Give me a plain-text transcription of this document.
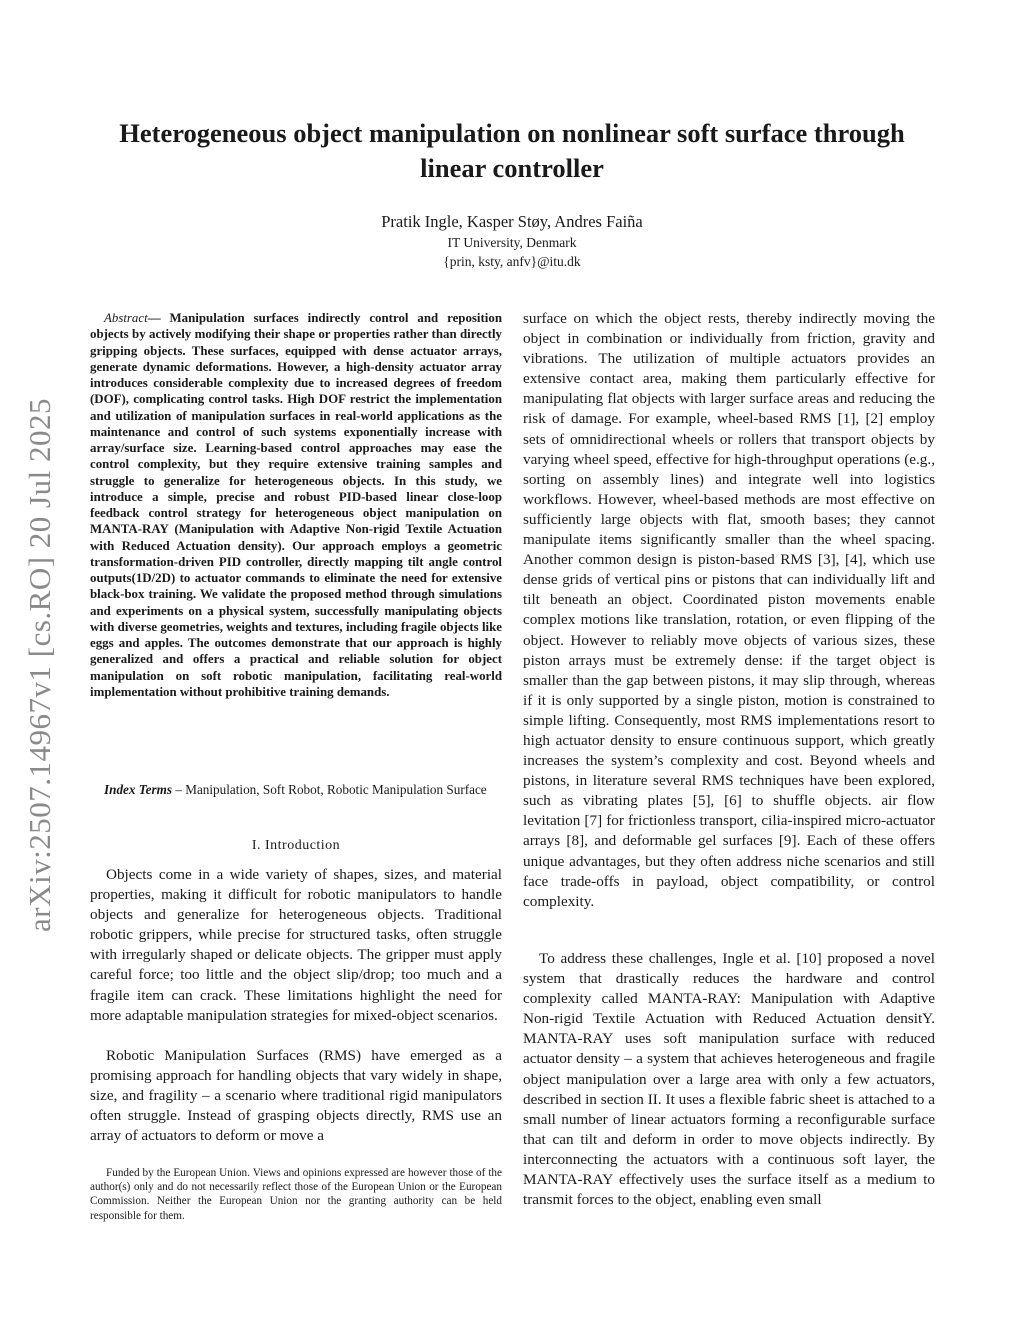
arXiv:2507.14967v1 [cs.RO] 20 Jul 2025
Heterogeneous object manipulation on nonlinear soft surface through linear controller
Pratik Ingle, Kasper Støy, Andres Faiña
IT University, Denmark
{prin, ksty, anfv}@itu.dk

Abstract— Manipulation surfaces indirectly control and reposition objects by actively modifying their shape or properties rather than directly gripping objects. These surfaces, equipped with dense actuator arrays, generate dynamic deformations. However, a high-density actuator array introduces considerable complexity due to increased degrees of freedom (DOF), complicating control tasks. High DOF restrict the implementation and utilization of manipulation surfaces in real-world applications as the maintenance and control of such systems exponentially increase with array/surface size. Learning-based control approaches may ease the control complexity, but they require extensive training samples and struggle to generalize for heterogeneous objects. In this study, we introduce a simple, precise and robust PID-based linear close-loop feedback control strategy for heterogeneous object manipulation on MANTA-RAY (Manipulation with Adaptive Non-rigid Textile Actuation with Reduced Actuation density). Our approach employs a geometric transformation-driven PID controller, directly mapping tilt angle control outputs(1D/2D) to actuator commands to eliminate the need for extensive black-box training. We validate the proposed method through simulations and experiments on a physical system, successfully manipulating objects with diverse geometries, weights and textures, including fragile objects like eggs and apples. The outcomes demonstrate that our approach is highly generalized and offers a practical and reliable solution for object manipulation on soft robotic manipulation, facilitating real-world implementation without prohibitive training demands.

Index Terms – Manipulation, Soft Robot, Robotic Manipulation Surface

I. Introduction

Objects come in a wide variety of shapes, sizes, and material properties, making it difficult for robotic manipulators to handle objects and generalize for heterogeneous objects. Traditional robotic grippers, while precise for structured tasks, often struggle with irregularly shaped or delicate objects. The gripper must apply careful force; too little and the object slip/drop; too much and a fragile item can crack. These limitations highlight the need for more adaptable manipulation strategies for mixed-object scenarios.

Robotic Manipulation Surfaces (RMS) have emerged as a promising approach for handling objects that vary widely in shape, size, and fragility – a scenario where traditional rigid manipulators often struggle. Instead of grasping objects directly, RMS use an array of actuators to deform or move a

Funded by the European Union. Views and opinions expressed are however those of the author(s) only and do not necessarily reflect those of the European Union or the European Commission. Neither the European Union nor the granting authority can be held responsible for them.

surface on which the object rests, thereby indirectly moving the object in combination or individually from friction, gravity and vibrations. The utilization of multiple actuators provides an extensive contact area, making them particularly effective for manipulating flat objects with larger surface areas and reducing the risk of damage. For example, wheel-based RMS [1], [2] employ sets of omnidirectional wheels or rollers that transport objects by varying wheel speed, effective for high-throughput operations (e.g., sorting on assembly lines) and integrate well into logistics workflows. However, wheel-based methods are most effective on sufficiently large objects with flat, smooth bases; they cannot manipulate items significantly smaller than the wheel spacing. Another common design is piston-based RMS [3], [4], which use dense grids of vertical pins or pistons that can individually lift and tilt beneath an object. Coordinated piston movements enable complex motions like translation, rotation, or even flipping of the object. However to reliably move objects of various sizes, these piston arrays must be extremely dense: if the target object is smaller than the gap between pistons, it may slip through, whereas if it is only supported by a single piston, motion is constrained to simple lifting. Consequently, most RMS implementations resort to high actuator density to ensure continuous support, which greatly increases the system’s complexity and cost. Beyond wheels and pistons, in literature several RMS techniques have been explored, such as vibrating plates [5], [6] to shuffle objects. air flow levitation [7] for frictionless transport, cilia-inspired micro-actuator arrays [8], and deformable gel surfaces [9]. Each of these offers unique advantages, but they often address niche scenarios and still face trade-offs in payload, object compatibility, or control complexity.

To address these challenges, Ingle et al. [10] proposed a novel system that drastically reduces the hardware and control complexity called MANTA-RAY: Manipulation with Adaptive Non-rigid Textile Actuation with Reduced Actuation densitY. MANTA-RAY uses soft manipulation surface with reduced actuator density – a system that achieves heterogeneous and fragile object manipulation over a large area with only a few actuators, described in section II. It uses a flexible fabric sheet is attached to a small number of linear actuators forming a reconfigurable surface that can tilt and deform in order to move objects indirectly. By interconnecting the actuators with a continuous soft layer, the MANTA-RAY effectively uses the surface itself as a medium to transmit forces to the object, enabling even small
